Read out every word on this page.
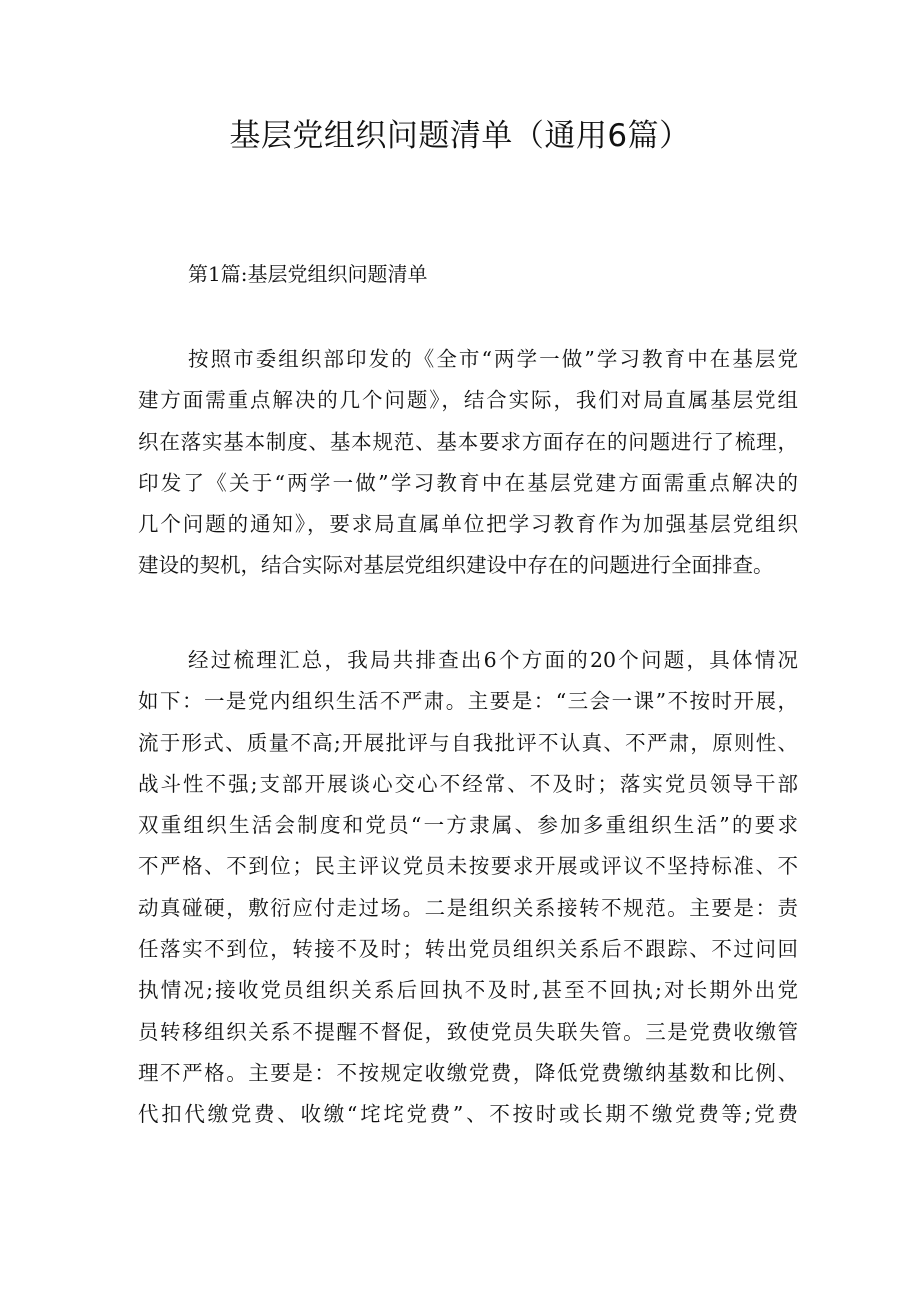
基层党组织问题清单（通用6篇）
第1篇:基层党组织问题清单
按照市委组织部印发的《全市“两学一做”学习教育中在基层党
建方面需重点解决的几个问题》，结合实际，我们对局直属基层党组
织在落实基本制度、基本规范、基本要求方面存在的问题进行了梳理，
印发了《关于“两学一做”学习教育中在基层党建方面需重点解决的
几个问题的通知》，要求局直属单位把学习教育作为加强基层党组织
建设的契机，结合实际对基层党组织建设中存在的问题进行全面排查。
经过梳理汇总，我局共排查出6个方面的20个问题，具体情况
如下：一是党内组织生活不严肃。主要是：“三会一课”不按时开展，
流于形式、质量不高;开展批评与自我批评不认真、不严肃，原则性、
战斗性不强;支部开展谈心交心不经常、不及时；落实党员领导干部
双重组织生活会制度和党员“一方隶属、参加多重组织生活”的要求
不严格、不到位；民主评议党员未按要求开展或评议不坚持标准、不
动真碰硬，敷衍应付走过场。二是组织关系接转不规范。主要是：责
任落实不到位，转接不及时；转出党员组织关系后不跟踪、不过问回
执情况;接收党员组织关系后回执不及时,甚至不回执;对长期外出党
员转移组织关系不提醒不督促，致使党员失联失管。三是党费收缴管
理不严格。主要是：不按规定收缴党费，降低党费缴纳基数和比例、
代扣代缴党费、收缴“垞垞党费”、不按时或长期不缴党费等;党费
